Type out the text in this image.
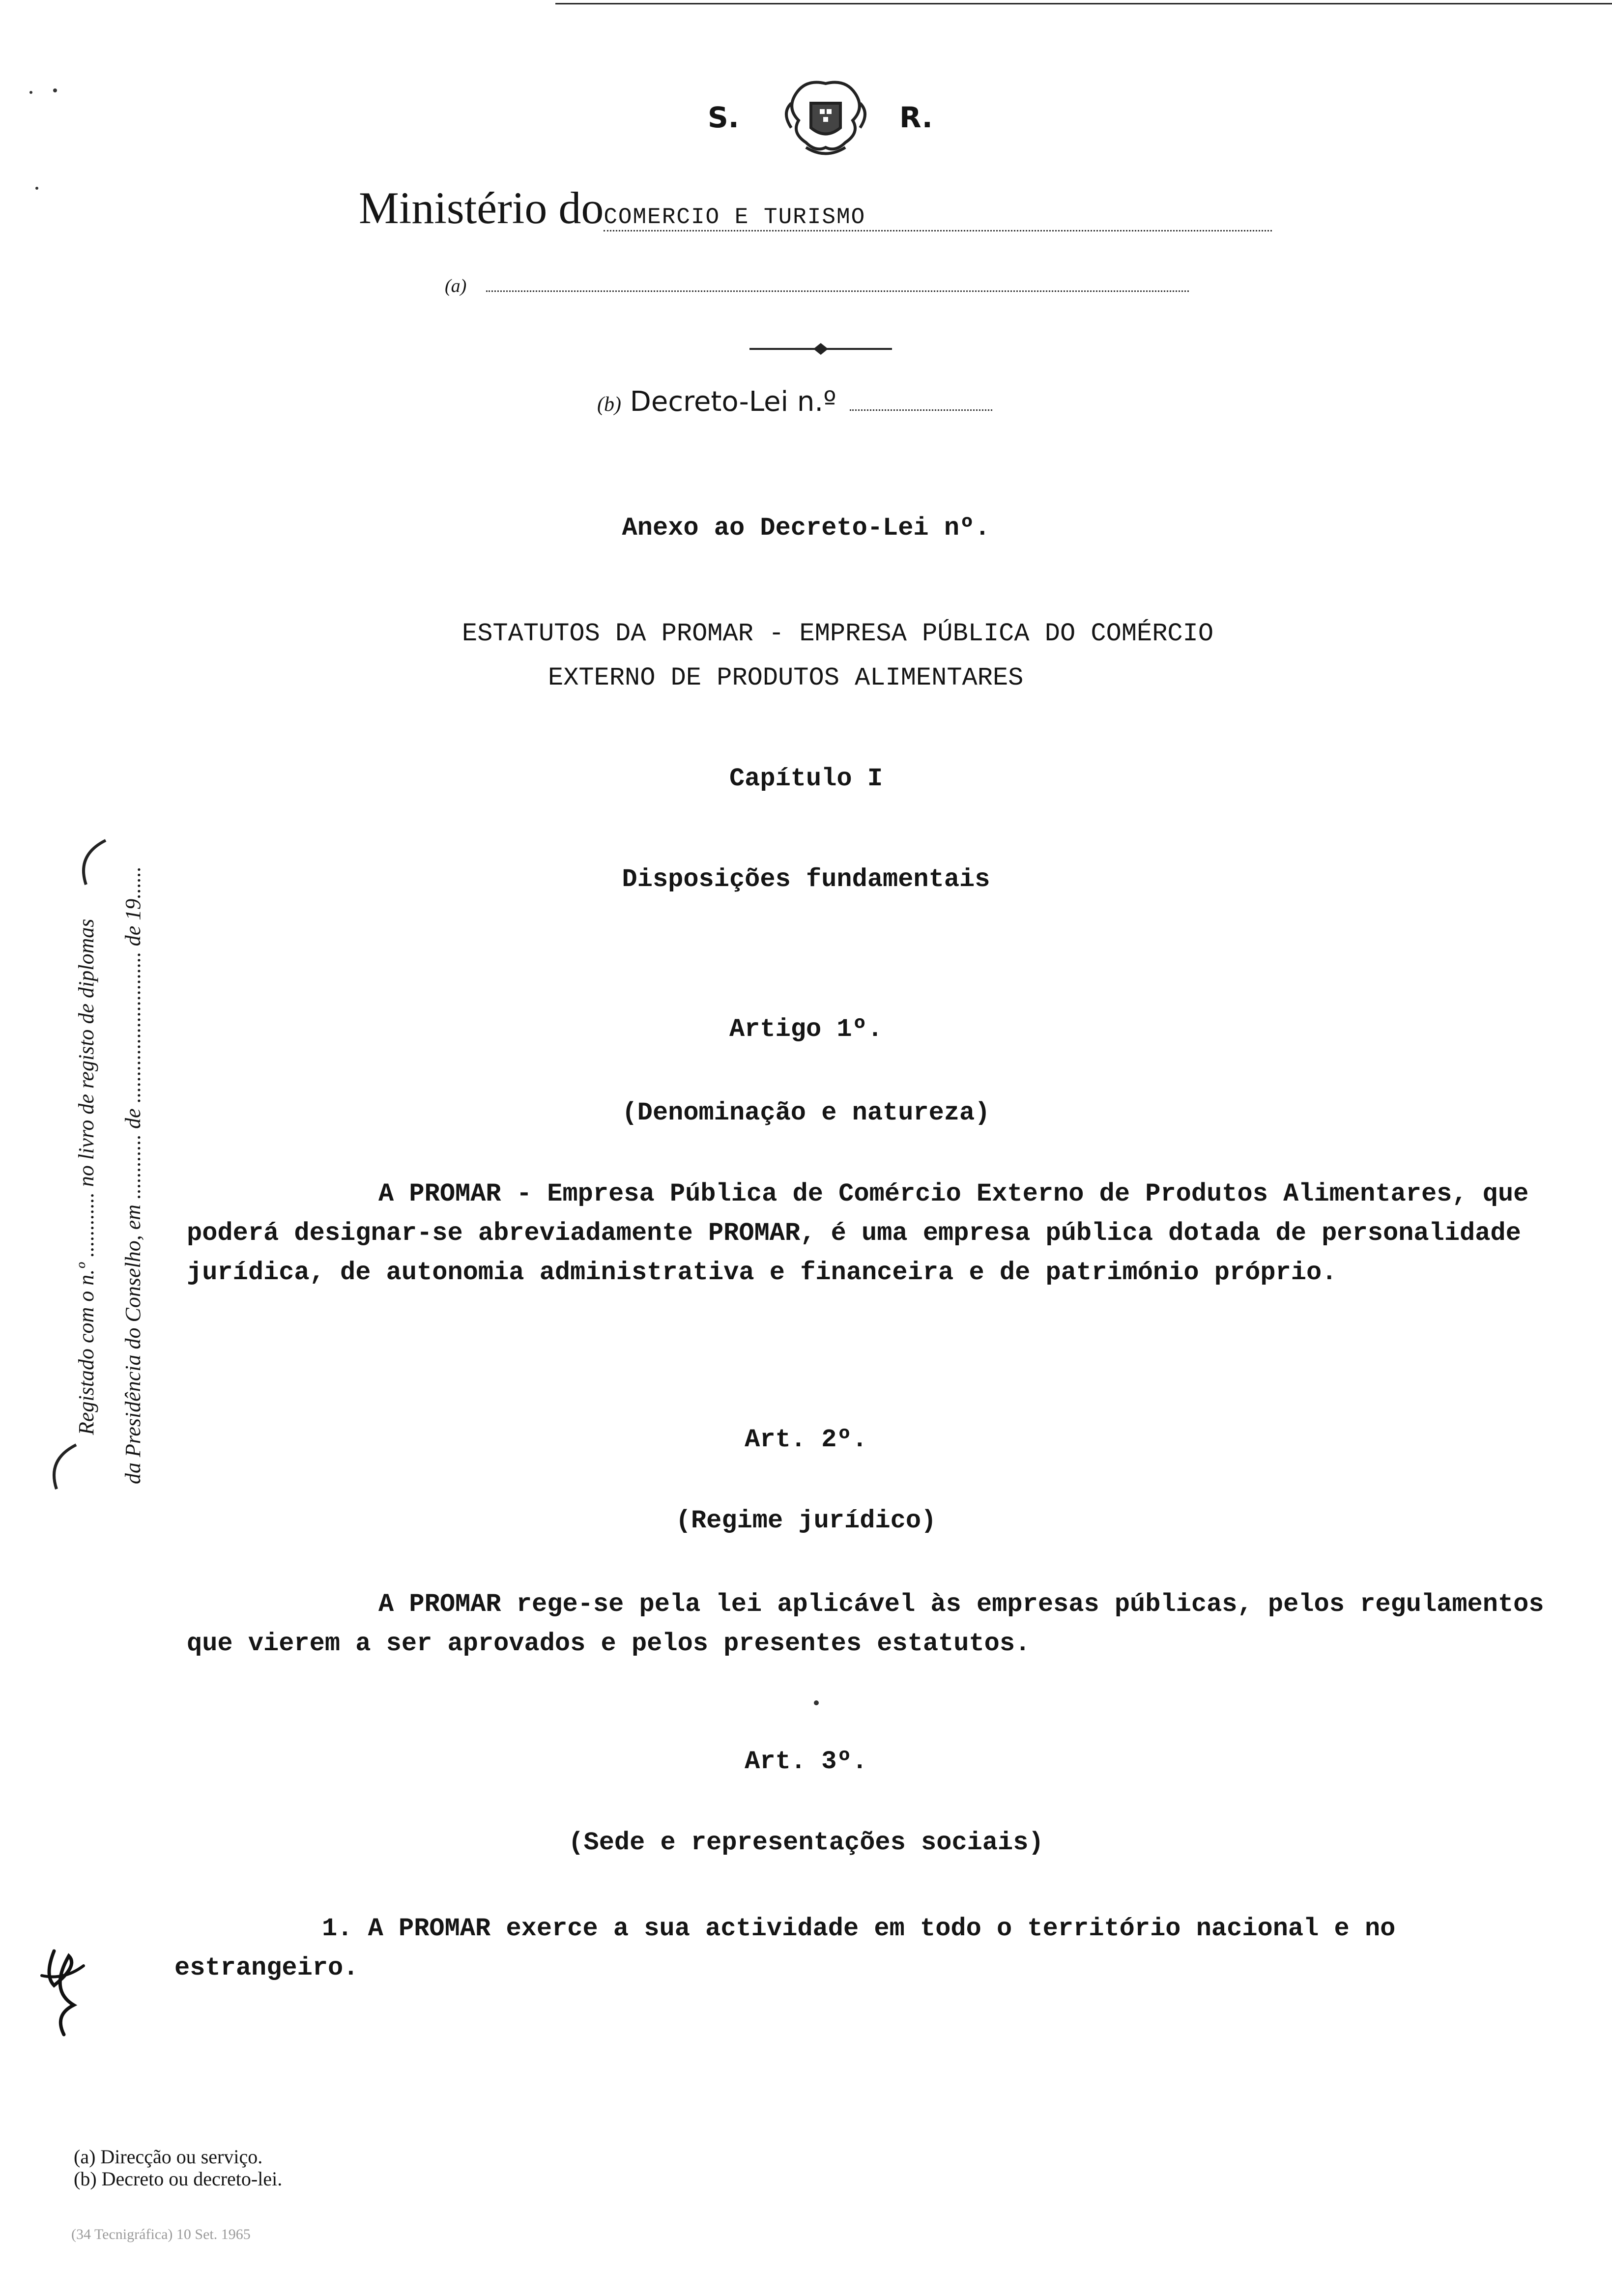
S.	R.
Ministério doCOMERCIO E TURISMO
(a)
(b) Decreto-Lei n.º
Anexo ao Decreto-Lei nº.
ESTATUTOS DA PROMAR - EMPRESA PÚBLICA DO COMÉRCIO
EXTERNO DE PRODUTOS ALIMENTARES
Capítulo I
Disposições fundamentais
Artigo 1º.
(Denominação e natureza)
A PROMAR - Empresa Pública de Comércio Externo de Produtos Alimentares, que poderá designar-se abreviadamente PROMAR, é uma empresa pública dotada de personalidade jurídica, de autonomia administrativa e financeira e de património próprio.
Art. 2º.
(Regime jurídico)
A PROMAR rege-se pela lei aplicável às empresas públicas, pelos regulamentos que vierem a ser aprovados e pelos presentes estatutos.
Art. 3º.
(Sede e representações sociais)
1. A PROMAR exerce a sua actividade em todo o território nacional e no estrangeiro.
Registado com o n.º ............ no livro de registo de diplomas da Presidência do Conselho, em ............ de ............................ de 19......
(a) Direcção ou serviço.
(b) Decreto ou decreto-lei.
(34 Tecnigráfica) 10 Set. 1965
